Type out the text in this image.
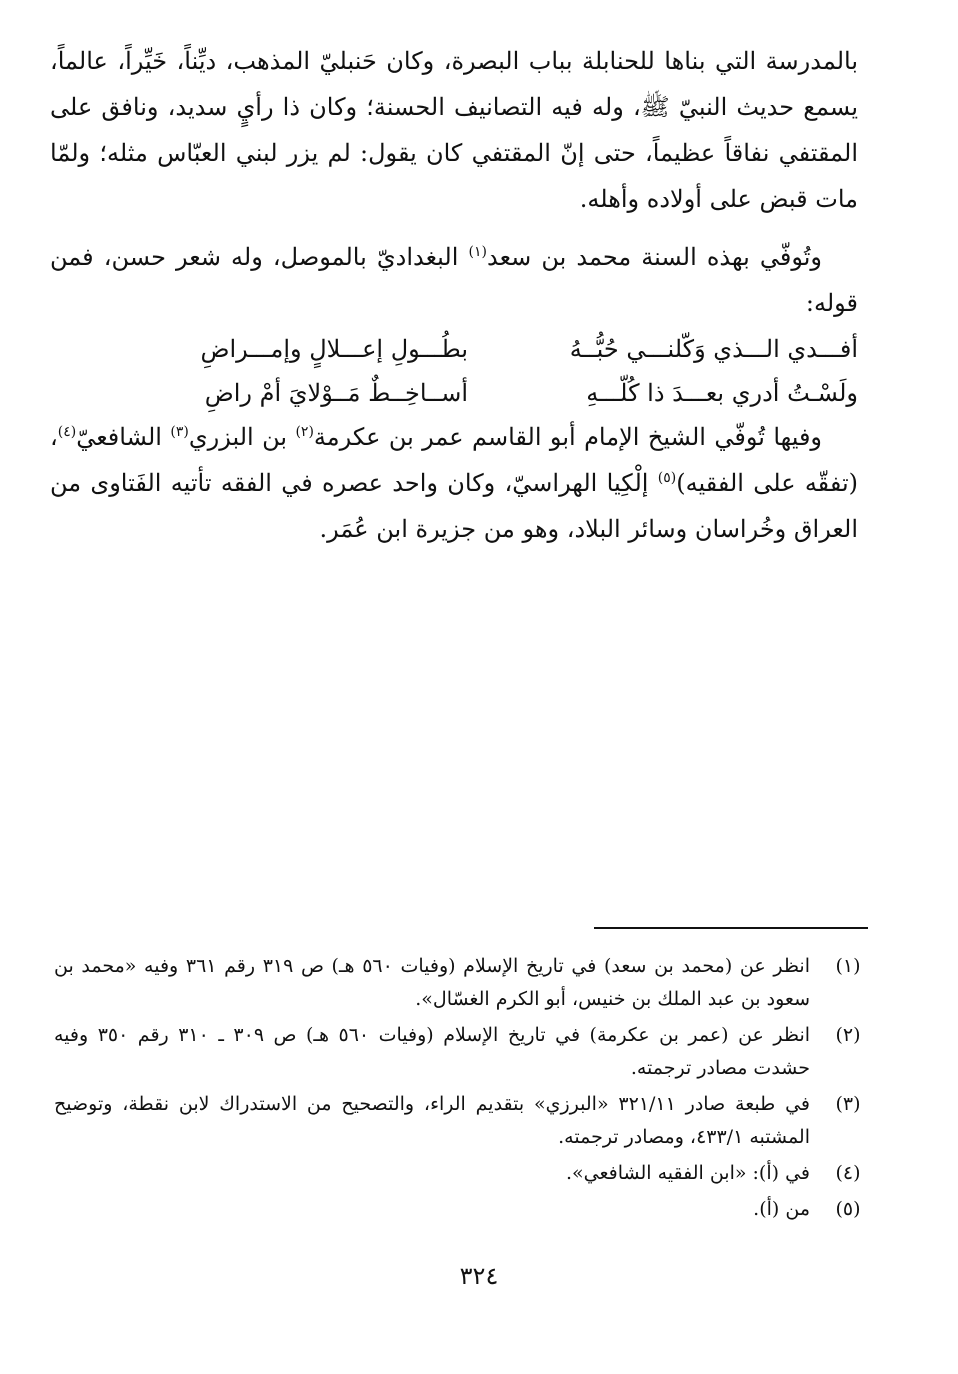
بالمدرسة التي بناها للحنابلة بباب البصرة، وكان حَنبليّ المذهب، ديِّناً، خَيِّراً، عالماً، يسمع حديث النبيّ ﷺ، وله فيه التصانيف الحسنة؛ وكان ذا رأيٍ سديد، ونافق على المقتفي نفاقاً عظيماً، حتى إنّ المقتفي كان يقول: لم يزر لبني العبّاس مثله؛ ولمّا مات قبض على أولاده وأهله.

وتُوفّي بهذه السنة محمد بن سعد$^{(١)}$ البغداديّ بالموصل، وله شعر حسن، فمن قوله:

أفـــدي الـــذي وَكّلنـــي حُبُّــهُ
بطُـــولِ إعـــلالٍ وإمـــراضِ
ولَسْـتُ أدري بعـــدَ ذا كُلّـــهِ
أســاخِــطٌ مَــوْلايَ أمْ راضِ

وفيها تُوفّي الشيخ الإمام أبو القاسم عمر بن عكرمة$^{(٢)}$ بن البزري$^{(٣)}$ الشافعيّ$^{(٤)}$، (تفقّه على الفقيه)$^{(٥)}$ إلْكِيا الهراسيّ، وكان واحد عصره في الفقه تأتيه الفَتاوى من العراق وخُراسان وسائر البلاد، وهو من جزيرة ابن عُمَر.

(١)
انظر عن (محمد بن سعد) في تاريخ الإسلام (وفيات ٥٦٠ هـ) ص ٣١٩ رقم ٣٦١ وفيه «محمد بن سعود بن عبد الملك بن خنيس، أبو الكرم الغسّال».
(٢)
انظر عن (عمر بن عكرمة) في تاريخ الإسلام (وفيات ٥٦٠ هـ) ص ٣٠٩ ـ ٣١٠ رقم ٣٥٠ وفيه حشدت مصادر ترجمته.
(٣)
في طبعة صادر ٣٢١/١١ «البرزي» بتقديم الراء، والتصحيح من الاستدراك لابن نقطة، وتوضيح المشتبه ٤٣٣/١، ومصادر ترجمته.
(٤)
في (أ): «ابن الفقيه الشافعي».
(٥)
من (أ).
٣٢٤
